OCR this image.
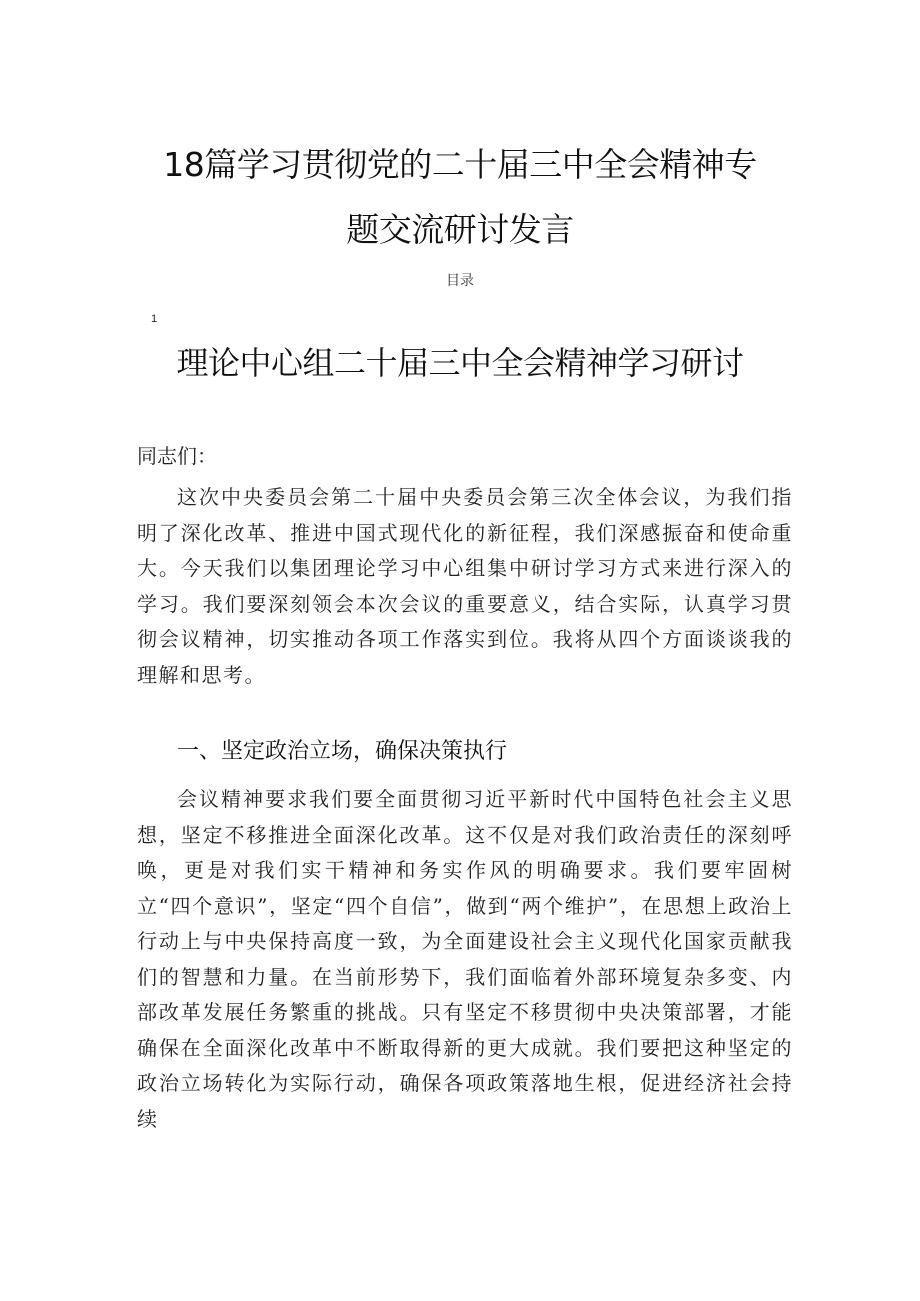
18篇学习贯彻党的二十届三中全会精神专
题交流研讨发言
目录
1
理论中心组二十届三中全会精神学习研讨
同志们：

这次中央委员会第二十届中央委员会第三次全体会议，为我们指明了深化改革、推进中国式现代化的新征程，我们深感振奋和使命重大。今天我们以集团理论学习中心组集中研讨学习方式来进行深入的学习。我们要深刻领会本次会议的重要意义，结合实际，认真学习贯彻会议精神，切实推动各项工作落实到位。我将从四个方面谈谈我的理解和思考。

一、坚定政治立场，确保决策执行

会议精神要求我们要全面贯彻习近平新时代中国特色社会主义思想，坚定不移推进全面深化改革。这不仅是对我们政治责任的深刻呼唤，更是对我们实干精神和务实作风的明确要求。我们要牢固树立“四个意识”，坚定“四个自信”，做到“两个维护”，在思想上政治上行动上与中央保持高度一致，为全面建设社会主义现代化国家贡献我们的智慧和力量。在当前形势下，我们面临着外部环境复杂多变、内部改革发展任务繁重的挑战。只有坚定不移贯彻中央决策部署，才能确保在全面深化改革中不断取得新的更大成就。我们要把这种坚定的政治立场转化为实际行动，确保各项政策落地生根，促进经济社会持续
